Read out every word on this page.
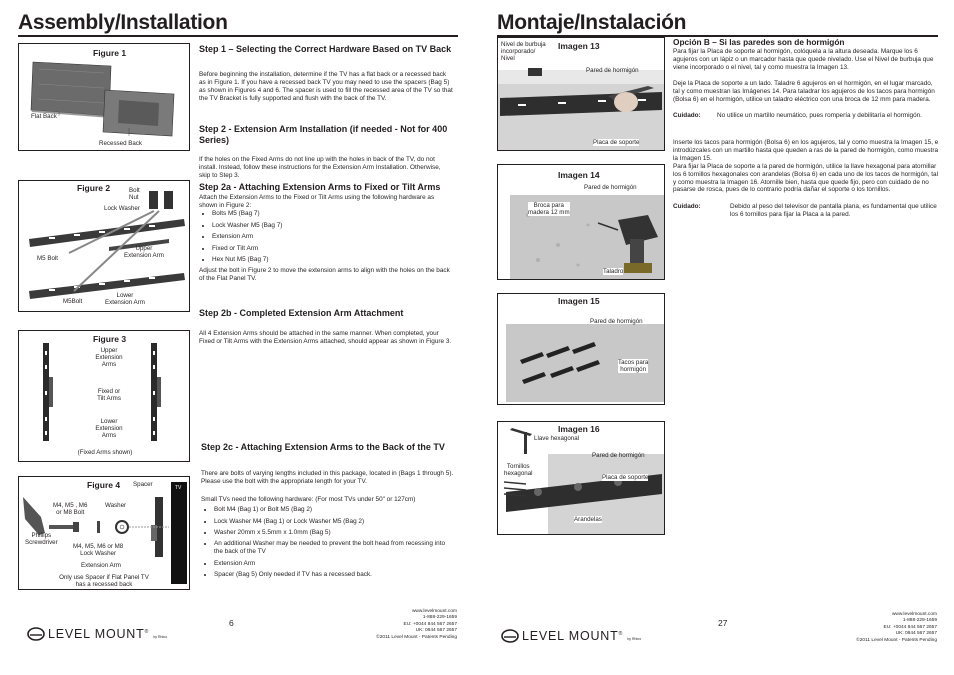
Assembly/Installation
Figure 1
Flat Back
Recessed Back
Figure 2	Bolt
Nut
Lock Washer
M5 Bolt
Upper
Extension Arm
M5Bolt
Lower
Extension Arm
Figure 3
Upper
Extension
Arms
Fixed or
Tilt Arms
Lower
Extension
Arms
(Fixed Arms shown)
Figure 4 Spacer	TV
M4, M5 , M6
or M8 Bolt
Washer
Phillips
Screwdriver
M4, M5, M6 or M8
Lock Washer
Extension Arm
Only use Spacer if Flat Panel TV
has a recessed back
Step 1 – Selecting the Correct Hardware Based on TV Back
Before beginning the installation, determine if the TV has a flat back or a recessed back as in Figure 1. If you have a recessed back TV you may need to use the spacers (Bag 5) as shown in Figures 4 and 6. The spacer is used to fill the recessed area of the TV so that the TV Bracket is fully supported and flush with the back of the TV.
Step 2 - Extension Arm Installation (if needed - Not for 400 Series)
If the holes on the Fixed Arms do not line up with the holes in back of the TV, do not install. Instead, follow these instructions for the Extension Arm Installation. Otherwise, skip to Step 3.
Step 2a - Attaching Extension Arms to Fixed or Tilt Arms
Attach the Extension Arms to the Fixed or Tilt Arms using the following hardware as shown in Figure 2:
• Bolts M5 (Bag 7)
• Lock Washer M5 (Bag 7)
• Extension Arm
• Fixed or Tilt Arm
• Hex Nut M5 (Bag 7)
Adjust the bolt in Figure 2 to move the extension arms to align with the holes on the back of the Flat Panel TV.
Step 2b - Completed Extension Arm Attachment
All 4 Extension Arms should be attached in the same manner. When completed, your Fixed or Tilt Arms with the Extension Arms attached, should appear as shown in Figure 3.
Step 2c - Attaching Extension Arms to the Back of the TV
There are bolts of varying lengths included in this package, located in (Bags 1 through 5). Please use the bolt with the appropriate length for your TV.
Small TVs need the following hardware: (For most TVs under 50" or 127cm)
• Bolt M4 (Bag 1) or Bolt M5 (Bag 2)
• Lock Washer M4 (Bag 1) or Lock Washer M5 (Bag 2)
• Washer 20mm x 5.5mm x 1.0mm (Bag 5)
• An additional Washer may be needed to prevent the bolt head from recessing into the back of the TV
• Extension Arm
• Spacer (Bag 5) Only needed if TV has a recessed back.
6
www.levelmount.com
1-888-229-1659
EU: +0044 844 567 2657
UK: 0844 567 2657
©2011 Level Mount - Patents Pending
LEVEL MOUNT® by Rhino
Montaje/Instalación
Nivel de burbuja
incorporado/
Nivel
Imagen 13
Pared de hormigón
Placa de soporte
Imagen 14
Pared de hormigón
Broca para
madera 12 mm
Taladro
Imagen 15
Pared de hormigón
Tacos para
hormigón
Imagen 16
Llave hexagonal
Pared de hormigón
Tornillos
hexagonal
Placa de soporte
Arandelas
Opción B – Si las paredes son de hormigón
Para fijar la Placa de soporte al hormigón, colóquela a la altura deseada. Marque los 6 agujeros con un lápiz o un marcador hasta que quede nivelado. Use el Nivel de burbuja que viene incorporado o el nivel, tal y como muestra la Imagen 13.
Deje la Placa de soporte a un lado. Taladre 6 agujeros en el hormigón, en el lugar marcado, tal y como muestran las Imágenes 14. Para taladrar los agujeros de los tacos para hormigón (Bolsa 6) en el hormigón, utilice un taladro eléctrico con una broca de 12 mm para madera.
Cuidado:	No utilice un martillo neumático, pues rompería y debilitaría el hormigón.
Inserte los tacos para hormigón (Bolsa 6) en los agujeros, tal y como muestra la Imagen 15, e introdúzcales con un martillo hasta que queden a ras de la pared de hormigón, como muestra la Imagen 15.
Para fijar la Placa de soporte a la pared de hormigón, utilice la llave hexagonal para atornillar los 6 tornillos hexagonales con arandelas (Bolsa 6) en cada uno de los tacos de hormigón, tal y como muestra la Imagen 16. Atornille bien, hasta que quede fijo, pero con cuidado de no pasarse de rosca, pues de lo contrario podría dañar el soporte o los tornillos.
Cuidado:	Debido al peso del televisor de pantalla plana, es fundamental que utilice los 6 tornillos para fijar la Placa a la pared.
27
www.levelmount.com
1-888-229-1659
EU: +0044 844 567 2657
UK: 0844 567 2657
©2011 Level Mount - Patents Pending
LEVEL MOUNT® by Rhino
